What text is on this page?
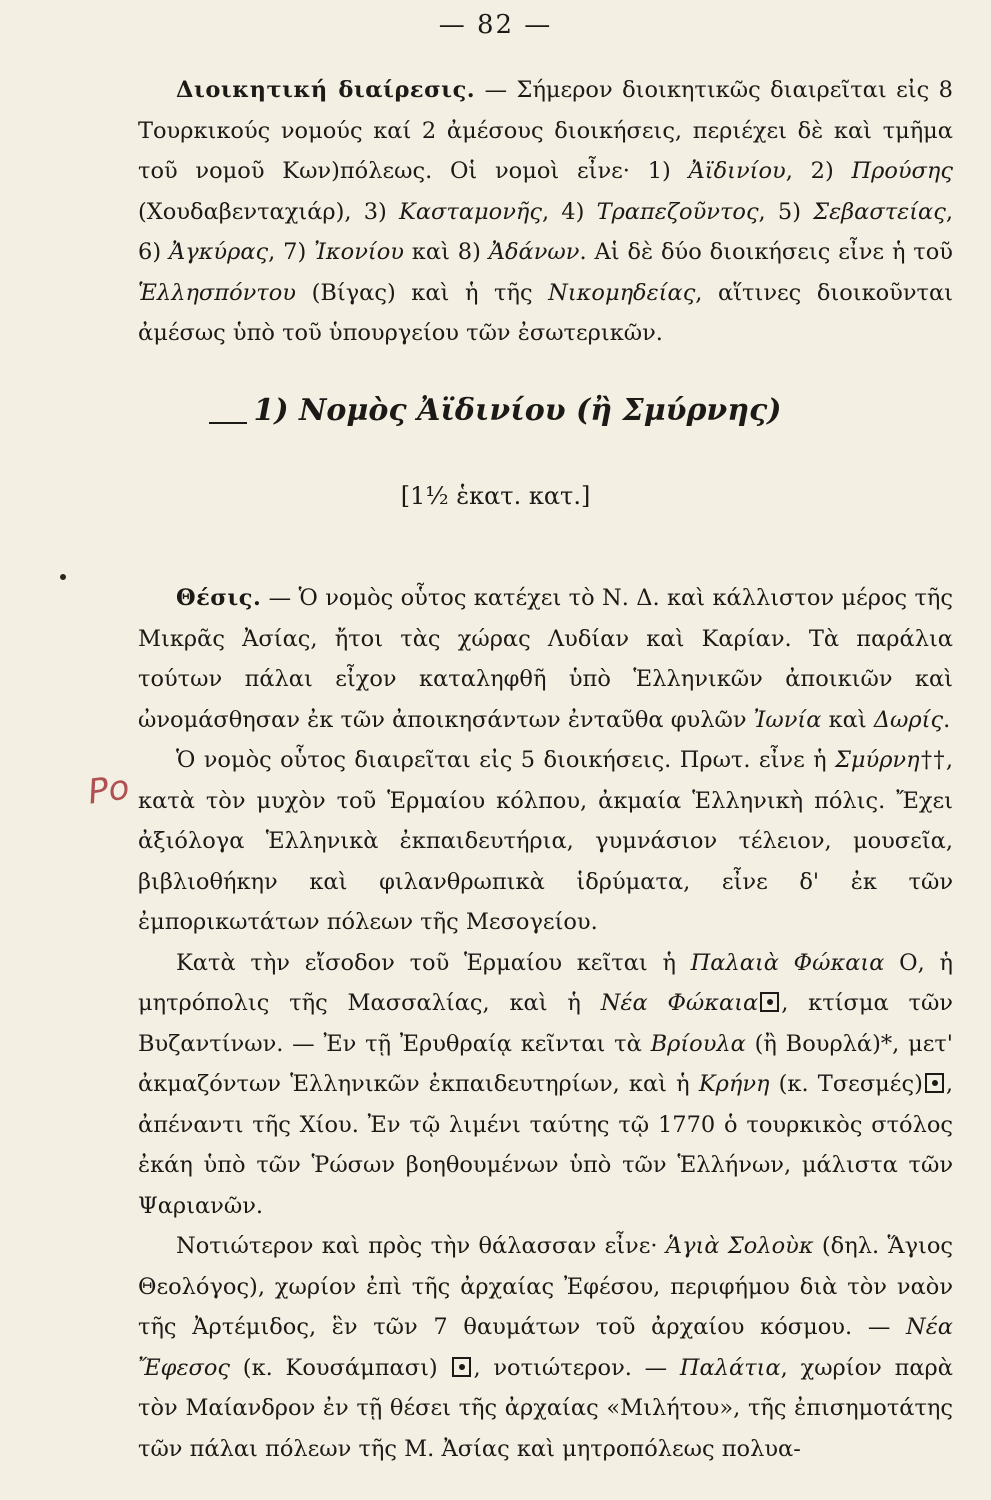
— 82 —

Διοικητική διαίρεσις. — Σήμερον διοικητικῶς διαιρεῖται εἰς 8 Τουρκικούς νομούς καί 2 ἀμέσους διοικήσεις, περιέχει δὲ καὶ τμῆμα τοῦ νομοῦ Κων)πόλεως. Οἱ νομοὶ εἶνε· 1) Ἀϊδινίου, 2) Προύσης (Χουδαβενταχιάρ), 3) Κασταμονῆς, 4) Τραπεζοῦντος, 5) Σεβαστείας, 6) Ἀγκύρας, 7) Ἰκονίου καὶ 8) Ἀδάνων. Αἱ δὲ δύο διοικήσεις εἶνε ἡ τοῦ Ἑλλησπόντου (Βίγας) καὶ ἡ τῆς Νικομηδείας, αἵτινες διοικοῦνται ἀμέσως ὑπὸ τοῦ ὑπουργείου τῶν ἐσωτερικῶν.

1) Νομὸς Ἀϊδινίου (ἢ Σμύρνης)
[1½ ἑκατ. κατ.]
Ρο

Θέσις. — Ὁ νομὸς οὗτος κατέχει τὸ Ν. Δ. καὶ κάλλιστον μέρος τῆς Μικρᾶς Ἀσίας, ἤτοι τὰς χώρας Λυδίαν καὶ Καρίαν. Τὰ παράλια τούτων πάλαι εἶχον καταληφθῆ ὑπὸ Ἑλληνικῶν ἀποικιῶν καὶ ὠνομάσθησαν ἐκ τῶν ἀποικησάντων ἐνταῦθα φυλῶν Ἰωνία καὶ Δωρίς.

Ὁ νομὸς οὗτος διαιρεῖται εἰς 5 διοικήσεις. Πρωτ. εἶνε ἡ Σμύρνη††, κατὰ τὸν μυχὸν τοῦ Ἑρμαίου κόλπου, ἀκμαία Ἑλληνικὴ πόλις. Ἔχει ἀξιόλογα Ἑλληνικὰ ἐκπαιδευτήρια, γυμνάσιον τέλειον, μουσεῖα, βιβλιοθήκην καὶ φιλανθρωπικὰ ἱδρύματα, εἶνε δ' ἐκ τῶν ἐμπορικωτάτων πόλεων τῆς Μεσογείου.

Κατὰ τὴν εἴσοδον τοῦ Ἑρμαίου κεῖται ἡ Παλαιὰ Φώκαια Ο, ἡ μητρόπολις τῆς Μασσαλίας, καὶ ἡ Νέα Φώκαια , κτίσμα τῶν Βυζαντίνων. — Ἐν τῇ Ἐρυθραίᾳ κεῖνται τὰ Βρίουλα (ἢ Βουρλά)*, μετ' ἀκμαζόντων Ἑλληνικῶν ἐκπαιδευτηρίων, καὶ ἡ Κρήνη (κ. Τσεσμές) , ἀπέναντι τῆς Χίου. Ἐν τῷ λιμένι ταύτης τῷ 1770 ὁ τουρκικὸς στόλος ἐκάη ὑπὸ τῶν Ῥώσων βοηθουμένων ὑπὸ τῶν Ἑλλήνων, μάλιστα τῶν Ψαριανῶν.

Νοτιώτερον καὶ πρὸς τὴν θάλασσαν εἶνε· Ἁγιὰ Σολοὺκ (δηλ. Ἅγιος Θεολόγος), χωρίον ἐπὶ τῆς ἀρχαίας Ἐφέσου, περιφήμου διὰ τὸν ναὸν τῆς Ἀρτέμιδος, ἓν τῶν 7 θαυμάτων τοῦ ἀρχαίου κόσμου. — Νέα Ἔφεσος (κ. Κουσάμπασι) , νοτιώτερον. — Παλάτια, χωρίον παρὰ τὸν Μαίανδρον ἐν τῇ θέσει τῆς ἀρχαίας «Μιλήτου», τῆς ἐπισημοτάτης τῶν πάλαι πόλεων τῆς Μ. Ἀσίας καὶ μητροπόλεως πολυα-
